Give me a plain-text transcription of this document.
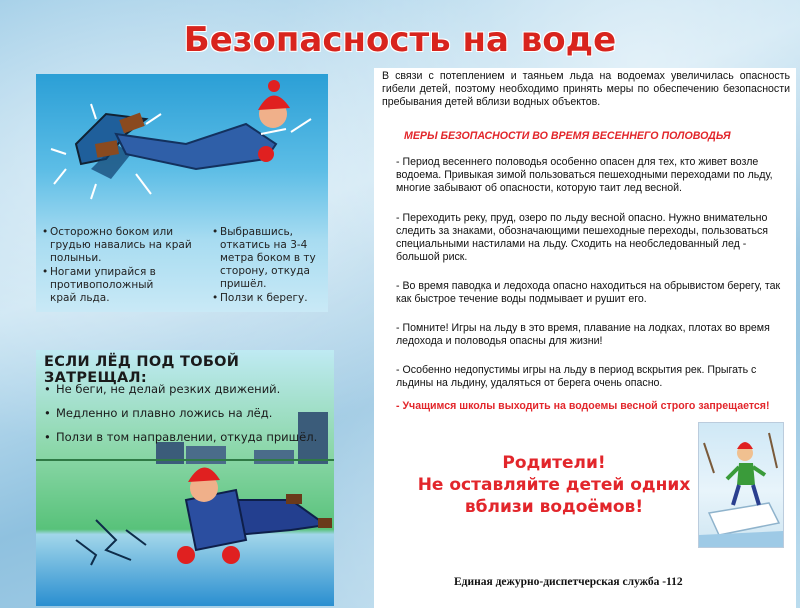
Безопасность на воде
• Осторожно боком или грудью навались на край полыньи.
• Ногами упирайся в противоположный край льда.
• Выбравшись, откатись на 3-4 метра боком в ту сторону, откуда пришёл.
• Ползи к берегу.
ЕСЛИ ЛЁД ПОД ТОБОЙ ЗАТРЕЩАЛ:
• Не беги, не делай резких движений.
• Медленно и плавно ложись на лёд.
• Ползи в том направлении, откуда пришёл.
В связи с потеплением и таяньем льда на водоемах увеличилась опасность гибели детей, поэтому необходимо принять меры по обеспечению безопасности пребывания детей вблизи водных объектов.
МЕРЫ БЕЗОПАСНОСТИ ВО ВРЕМЯ ВЕСЕННЕГО ПОЛОВОДЬЯ
- Период весеннего половодья особенно опасен для тех, кто живет возле водоема. Привыкая зимой пользоваться пешеходными переходами по льду, многие забывают об опасности, которую таит лед весной.
- Переходить реку, пруд, озеро по льду весной опасно. Нужно внимательно следить за знаками, обозначающими пешеходные переходы, пользоваться специальными настилами на льду. Сходить на необследованный лед - большой риск.
- Во время паводка и ледохода опасно находиться на обрывистом берегу, так как быстрое течение воды подмывает и рушит его.
- Помните! Игры на льду в это время, плавание на лодках, плотах во время ледохода и половодья опасны для жизни!
- Особенно недопустимы игры на льду в период вскрытия рек. Прыгать с льдины на льдину, удаляться от берега очень опасно.
- Учащимся школы выходить на водоемы весной строго запрещается!
Родители!
Не оставляйте детей одних
вблизи водоёмов!
Единая дежурно-диспетчерская служба -112
